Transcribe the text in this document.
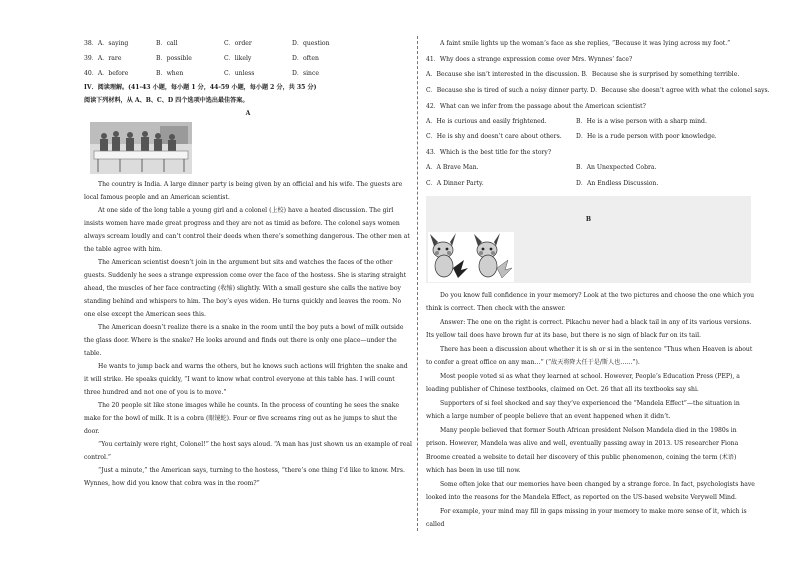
38．A．saying	B．call	C．order	D．question
39．A．rare	B．possible	C．likely	D．often
40．A．before	B．when	C．unless	D．since
IV．阅读理解。(41-43 小题，每小题 1 分，44-59 小题，每小题 2 分，共 35 分)
阅读下列材料，从 A、B、C、D 四个选项中选出最佳答案。
A

The country is India. A large dinner party is being given by an official and his wife. The guests are local famous people and an American scientist.

At one side of the long table a young girl and a colonel (上校) have a heated discussion. The girl insists women have made great progress and they are not as timid as before. The colonel says women always scream loudly and can’t control their deeds when there’s something dangerous. The other men at the table agree with him.

The American scientist doesn’t join in the argument but sits and watches the faces of the other guests. Suddenly he sees a strange expression come over the face of the hostess. She is staring straight ahead, the muscles of her face contracting (收缩) slightly. With a small gesture she calls the native boy standing behind and whispers to him. The boy’s eyes widen. He turns quickly and leaves the room. No one else except the American sees this.

The American doesn’t realize there is a snake in the room until the boy puts a bowl of milk outside the glass door. Where is the snake? He looks around and finds out there is only one place—under the table.

He wants to jump back and warns the others, but he knows such actions will frighten the snake and it will strike. He speaks quickly, “I want to know what control everyone at this table has. I will count three hundred and not one of you is to move.”

The 20 people sit like stone images while he counts. In the process of counting he sees the snake make for the bowl of milk. It is a cobra (眼镜蛇). Four or five screams ring out as he jumps to shut the door.

“You certainly were right, Colonel!” the host says aloud. “A man has just shown us an example of real control.”

“Just a minute,” the American says, turning to the hostess, “there’s one thing I’d like to know. Mrs. Wynnes, how did you know that cobra was in the room?”

A faint smile lights up the woman’s face as she replies, “Because it was lying across my foot.”

41．Why does a strange expression come over Mrs. Wynnes’ face?
A．Because she isn’t interested in the discussion.
B．Because she is surprised by something terrible.
C．Because she is tired of such a noisy dinner party.
D．Because she doesn’t agree with what the colonel says.
42．What can we infer from the passage about the American scientist?
A．He is curious and easily frightened.	B．He is a wise person with a sharp mind.
C．He is shy and doesn’t care about others.	D．He is a rude person with poor knowledge.
43．Which is the best title for the story?
A．A Brave Man.	B．An Unexpected Cobra.
C．A Dinner Party.	D．An Endless Discussion.
B

Do you know full confidence in your memory? Look at the two pictures and choose the one which you think is correct. Then check with the answer.

Answer: The one on the right is correct. Pikachu never had a black tail in any of its various versions. Its yellow tail does have brown fur at its base, but there is no sign of black fur on its tail.

There has been a discussion about whether it is sh or si in the sentence “Thus when Heaven is about to confer a great office on any man…” (“故天将降大任于是/斯人也……”).

Most people voted si as what they learned at school. However, People’s Education Press (PEP), a leading publisher of Chinese textbooks, claimed on Oct. 26 that all its textbooks say shi.

Supporters of si feel shocked and say they’ve experienced the “Mandela Effect”—the situation in which a large number of people believe that an event happened when it didn’t.

Many people believed that former South African president Nelson Mandela died in the 1980s in prison. However, Mandela was alive and well, eventually passing away in 2013. US researcher Fiona Broome created a website to detail her discovery of this public phenomenon, coining the term (术语) which has been in use till now.

Some often joke that our memories have been changed by a strange force. In fact, psychologists have looked into the reasons for the Mandela Effect, as reported on the US-based website Verywell Mind.

For example, your mind may fill in gaps missing in your memory to make more sense of it, which is called
